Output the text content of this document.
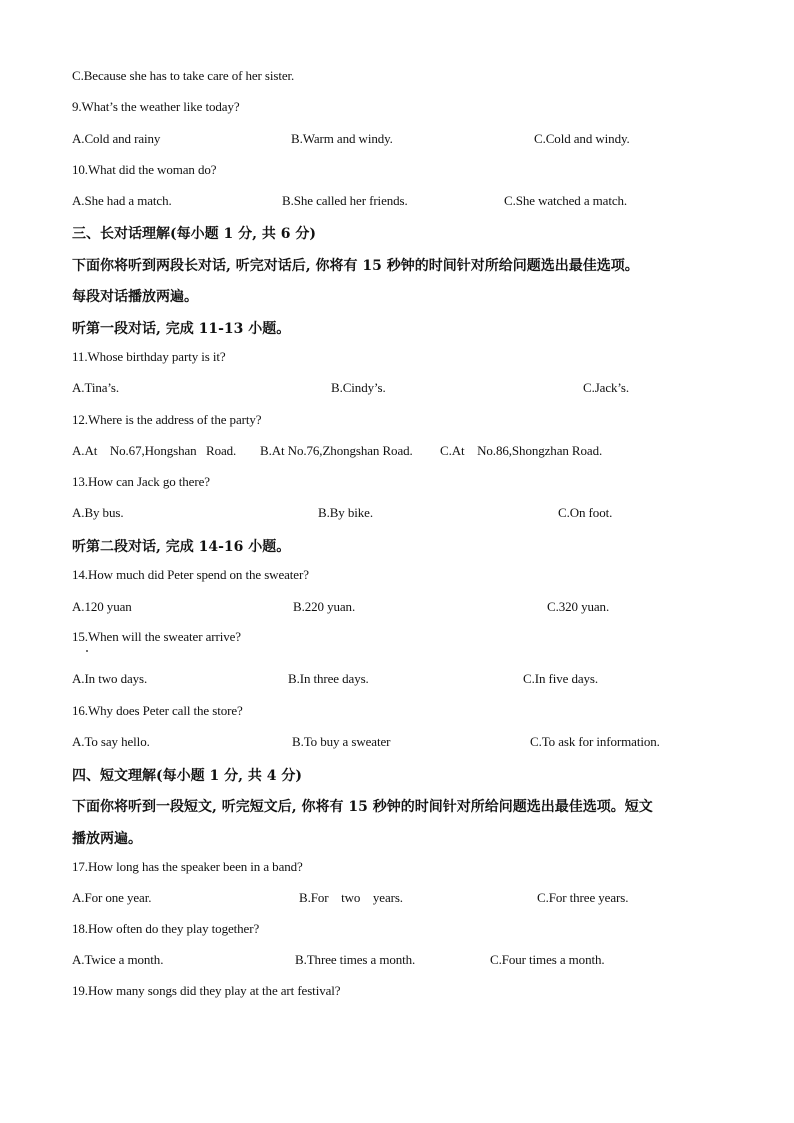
C.Because she has to take care of her sister.
9.What’s the weather like today?
A.Cold and rainy	B.Warm and windy.	C.Cold and windy.
10.What did the woman do?
A.She had a match.	B.She called her friends.	C.She watched a match.
三、长对话理解(每小题 1 分, 共 6 分)
下面你将听到两段长对话, 听完对话后, 你将有 15 秒钟的时间针对所给问题选出最佳选项。
每段对话播放两遍。
听第一段对话, 完成 11-13 小题。
11.Whose birthday party is it?
A.Tina’s.	B.Cindy’s.	C.Jack’s.
12.Where is the address of the party?
A.At    No.67,Hongshan   Road. B.At No.76,Zhongshan Road. C.At    No.86,Shongzhan Road.
13.How can Jack go there?
A.By bus.	B.By bike.	C.On foot.
听第二段对话, 完成 14-16 小题。
14.How much did Peter spend on the sweater?
A.120 yuan	B.220 yuan.	C.320 yuan.
15.When will the sweater arrive?
A.In two days.	B.In three days.	C.In five days.
16.Why does Peter call the store?
A.To say hello.	B.To buy a sweater	C.To ask for information.
四、短文理解(每小题 1 分, 共 4 分)
下面你将听到一段短文, 听完短文后, 你将有 15 秒钟的时间针对所给问题选出最佳选项。短文
播放两遍。
17.How long has the speaker been in a band?
A.For one year.	B.For    two    years.	C.For three years.
18.How often do they play together?
A.Twice a month.	B.Three times a month.	C.Four times a month.
19.How many songs did they play at the art festival?
